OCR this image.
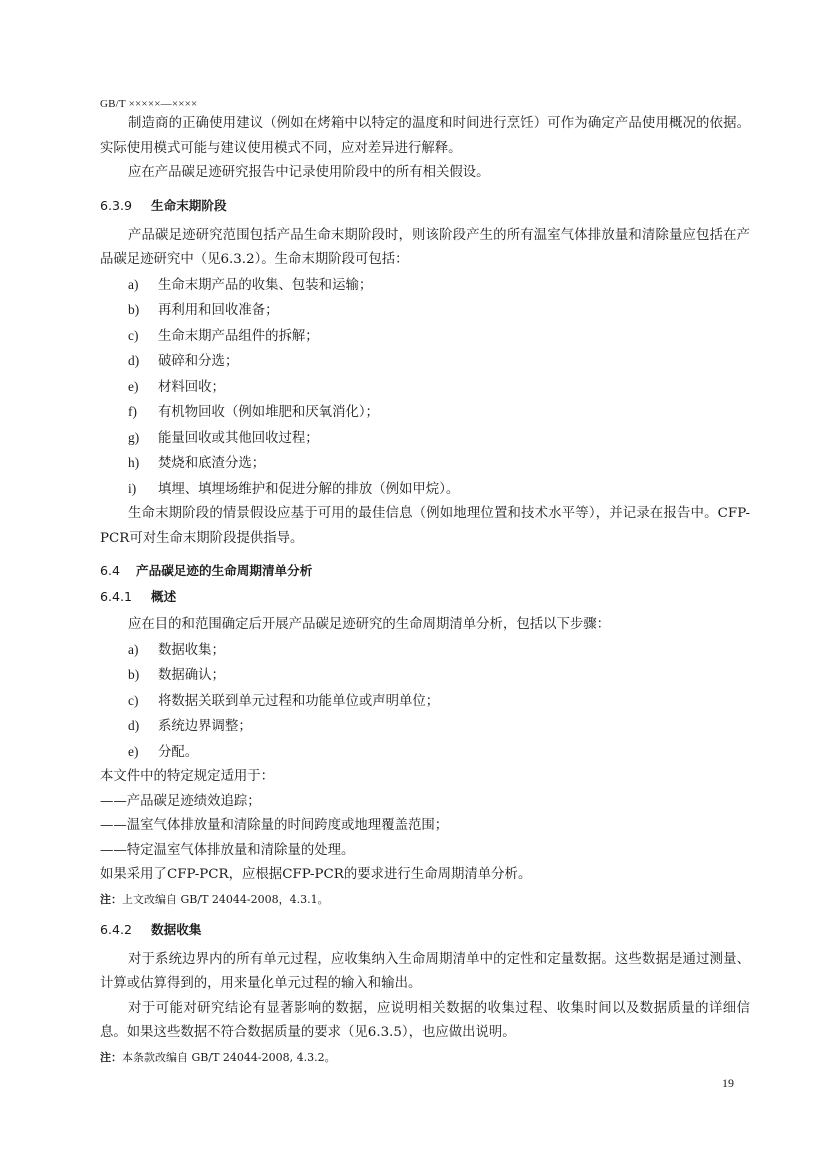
GB/T ×××××—××××

制造商的正确使用建议（例如在烤箱中以特定的温度和时间进行烹饪）可作为确定产品使用概况的依据。实际使用模式可能与建议使用模式不同，应对差异进行解释。

应在产品碳足迹研究报告中记录使用阶段中的所有相关假设。

6.3.9 生命末期阶段

产品碳足迹研究范围包括产品生命末期阶段时，则该阶段产生的所有温室气体排放量和清除量应包括在产品碳足迹研究中（见6.3.2）。生命末期阶段可包括：

a) 生命末期产品的收集、包装和运输；
b) 再利用和回收准备；
c) 生命末期产品组件的拆解；
d) 破碎和分选；
e) 材料回收；
f) 有机物回收（例如堆肥和厌氧消化）；
g) 能量回收或其他回收过程；
h) 焚烧和底渣分选；
i) 填埋、填埋场维护和促进分解的排放（例如甲烷）。

生命末期阶段的情景假设应基于可用的最佳信息（例如地理位置和技术水平等），并记录在报告中。CFP-PCR可对生命末期阶段提供指导。

6.4 产品碳足迹的生命周期清单分析
6.4.1 概述

应在目的和范围确定后开展产品碳足迹研究的生命周期清单分析，包括以下步骤：

a) 数据收集；
b) 数据确认；
c) 将数据关联到单元过程和功能单位或声明单位；
d) 系统边界调整；
e) 分配。

本文件中的特定规定适用于：

——产品碳足迹绩效追踪；
——温室气体排放量和清除量的时间跨度或地理覆盖范围；
——特定温室气体排放量和清除量的处理。

如果采用了CFP-PCR，应根据CFP-PCR的要求进行生命周期清单分析。

注：上文改编自 GB/T 24044-2008，4.3.1。
6.4.2 数据收集

对于系统边界内的所有单元过程，应收集纳入生命周期清单中的定性和定量数据。这些数据是通过测量、计算或估算得到的，用来量化单元过程的输入和输出。

对于可能对研究结论有显著影响的数据，应说明相关数据的收集过程、收集时间以及数据质量的详细信息。如果这些数据不符合数据质量的要求（见6.3.5），也应做出说明。

注：本条款改编自 GB/T 24044-2008, 4.3.2。
19
